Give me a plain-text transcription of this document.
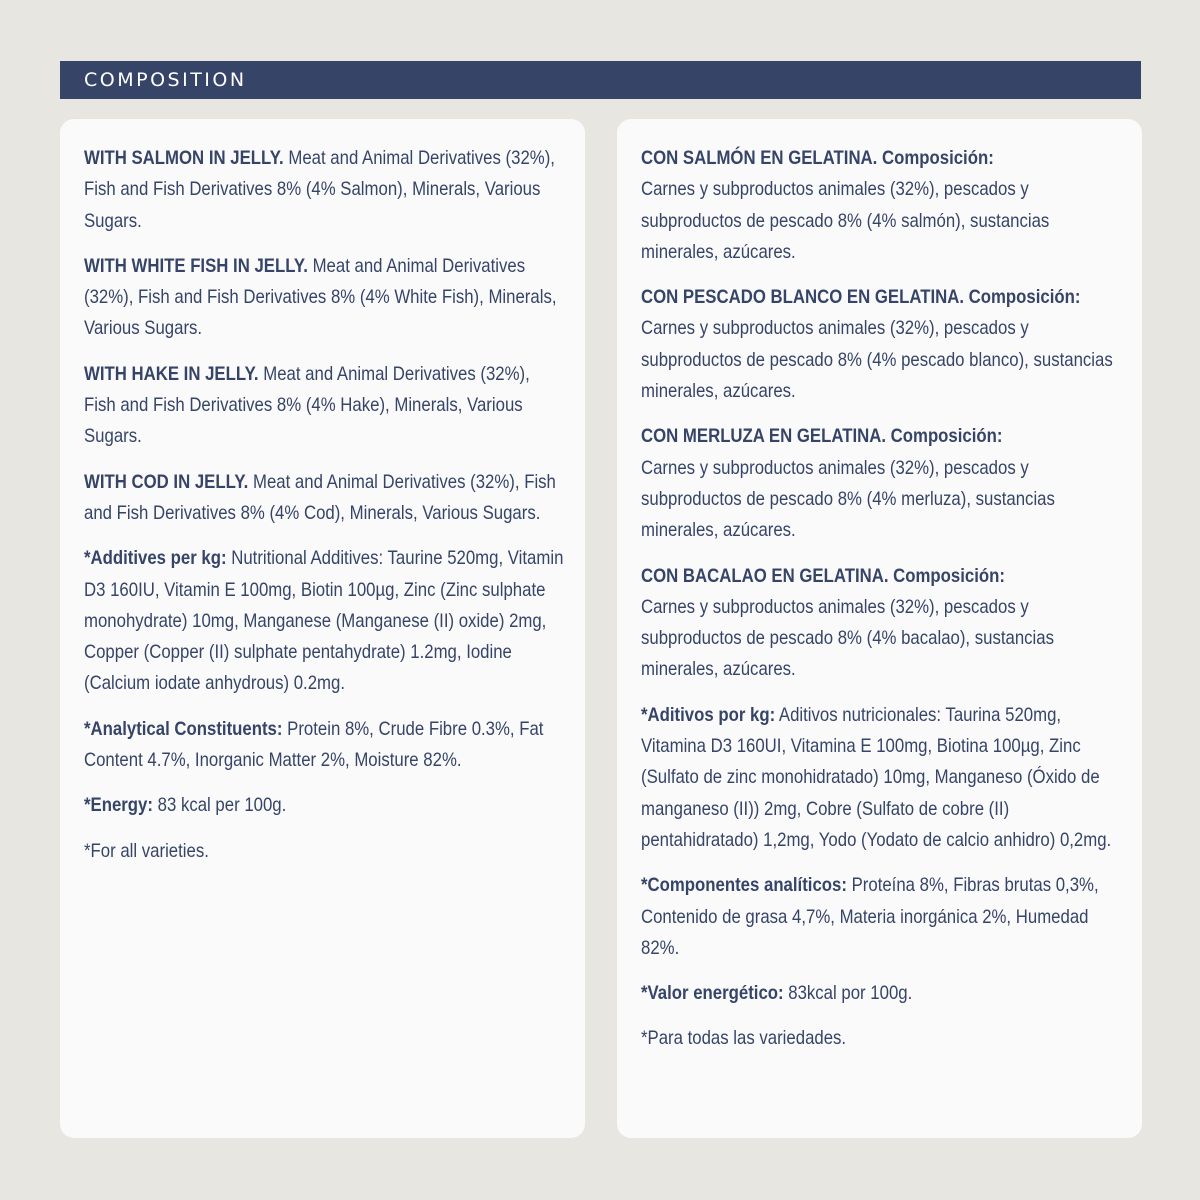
COMPOSITION

WITH SALMON IN JELLY. Meat and Animal Derivatives (32%), Fish and Fish Derivatives 8% (4% Salmon), Minerals, Various Sugars.

WITH WHITE FISH IN JELLY. Meat and Animal Derivatives (32%), Fish and Fish Derivatives 8% (4% White Fish), Minerals, Various Sugars.

WITH HAKE IN JELLY. Meat and Animal Derivatives (32%), Fish and Fish Derivatives 8% (4% Hake), Minerals, Various Sugars.

WITH COD IN JELLY. Meat and Animal Derivatives (32%), Fish and Fish Derivatives 8% (4% Cod), Minerals, Various Sugars.

*Additives per kg: Nutritional Additives: Taurine 520mg, Vitamin D3 160IU, Vitamin E 100mg, Biotin 100µg, Zinc (Zinc sulphate monohydrate) 10mg, Manganese (Manganese (II) oxide) 2mg, Copper (Copper (II) sulphate pentahydrate) 1.2mg, Iodine (Calcium iodate anhydrous) 0.2mg.

*Analytical Constituents: Protein 8%, Crude Fibre 0.3%, Fat Content 4.7%, Inorganic Matter 2%, Moisture 82%.

*Energy: 83 kcal per 100g.

*For all varieties.

CON SALMÓN EN GELATINA. Composición:
Carnes y subproductos animales (32%), pescados y subproductos de pescado 8% (4% salmón), sustancias minerales, azúcares.

CON PESCADO BLANCO EN GELATINA. Composición:
Carnes y subproductos animales (32%), pescados y subproductos de pescado 8% (4% pescado blanco), sustancias minerales, azúcares.

CON MERLUZA EN GELATINA. Composición:
Carnes y subproductos animales (32%), pescados y subproductos de pescado 8% (4% merluza), sustancias minerales, azúcares.

CON BACALAO EN GELATINA. Composición:
Carnes y subproductos animales (32%), pescados y subproductos de pescado 8% (4% bacalao), sustancias minerales, azúcares.

*Aditivos por kg: Aditivos nutricionales: Taurina 520mg, Vitamina D3 160UI, Vitamina E 100mg, Biotina 100µg, Zinc (Sulfato de zinc monohidratado) 10mg, Manganeso (Óxido de manganeso (II)) 2mg, Cobre (Sulfato de cobre (II) pentahidratado) 1,2mg, Yodo (Yodato de calcio anhidro) 0,2mg.

*Componentes analíticos: Proteína 8%, Fibras brutas 0,3%, Contenido de grasa 4,7%, Materia inorgánica 2%, Humedad 82%.

*Valor energético: 83kcal por 100g.

*Para todas las variedades.
